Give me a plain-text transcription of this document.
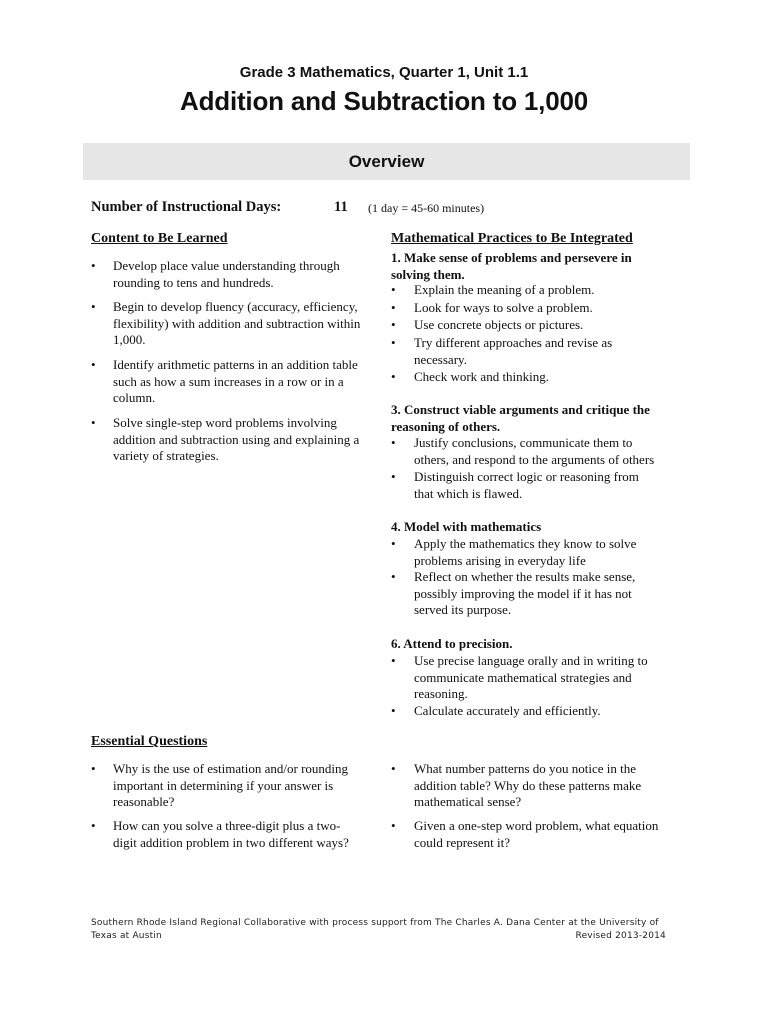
Grade 3 Mathematics, Quarter 1, Unit 1.1
Addition and Subtraction to 1,000
Overview
Number of Instructional Days:	11 (1 day = 45-60 minutes)
Content to Be Learned
• Develop place value understanding through
rounding to tens and hundreds.
• Begin to develop fluency (accuracy, efficiency,
flexibility) with addition and subtraction within
1,000.
• Identify arithmetic patterns in an addition table
such as how a sum increases in a row or in a
column.
• Solve single-step word problems involving
addition and subtraction using and explaining a
variety of strategies.
Mathematical Practices to Be Integrated
1. Make sense of problems and persevere in
solving them.
• Explain the meaning of a problem.
• Look for ways to solve a problem.
• Use concrete objects or pictures.
• Try different approaches and revise as
necessary.
• Check work and thinking.
3. Construct viable arguments and critique the
reasoning of others.
• Justify conclusions, communicate them to
others, and respond to the arguments of others
• Distinguish correct logic or reasoning from
that which is flawed.
4. Model with mathematics
• Apply the mathematics they know to solve
problems arising in everyday life
• Reflect on whether the results make sense,
possibly improving the model if it has not
served its purpose.
6. Attend to precision.
• Use precise language orally and in writing to
communicate mathematical strategies and
reasoning.
• Calculate accurately and efficiently.
Essential Questions
• Why is the use of estimation and/or rounding
important in determining if your answer is
reasonable?
• How can you solve a three-digit plus a two-
digit addition problem in two different ways?
• What number patterns do you notice in the
addition table? Why do these patterns make
mathematical sense?
• Given a one-step word problem, what equation
could represent it?
Southern Rhode Island Regional Collaborative with process support from The Charles A. Dana Center at the University of
Texas at Austin	Revised 2013-2014
